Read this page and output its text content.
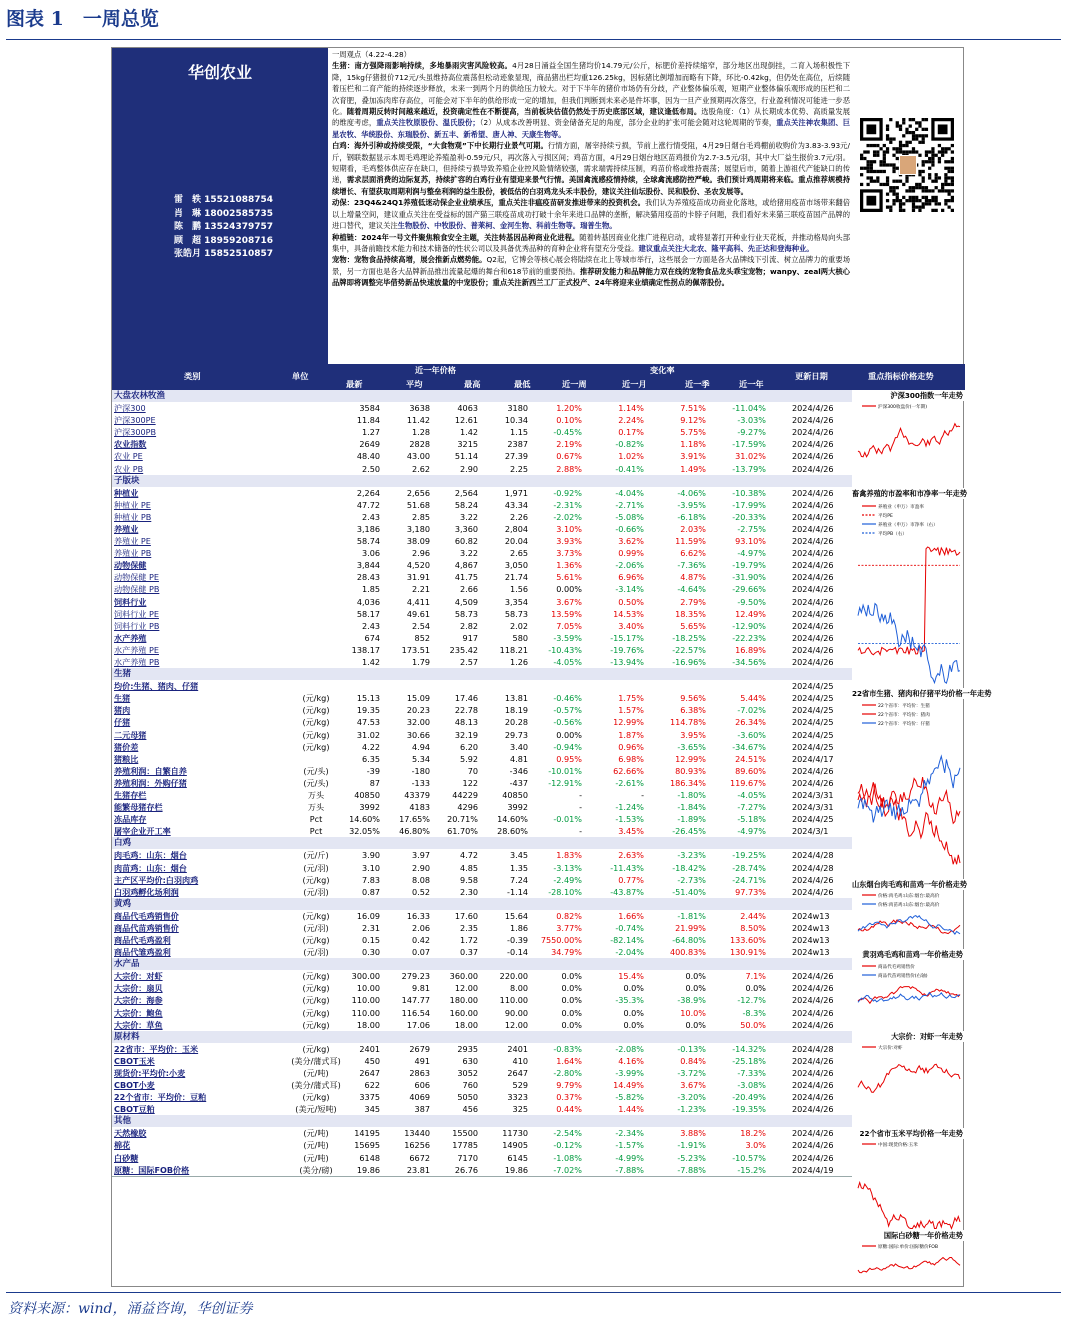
图表 1　一周总览
华创农业
雷　轶 15521088754
肖　琳 18002585735
陈　鹏 13524379757
顾　超 18959208716
张皓月 15852510857
一周观点（4.22-4.28）
生猪：南方强降雨影响持续，多地暴雨灾害风险较高。4月28日涌益全国生猪均价14.79元/公斤，标肥价差持续缩窄，部分地区出现倒挂，二育入场积极性下降，15kg仔猪报价712元/头虽维持高位震荡但松动迹象显现，商品猪出栏均重126.25kg，因标猪比例增加而略有下降，环比-0.42kg，但仍处在高位，后续随着压栏和二育产能的持续逐步释放，未来一到两个月的供给压力较大。对于下半年的猪价市场仍有分歧，产业整体偏乐观，短期产业整体偏乐观形成的压栏和二次育肥，叠加冻肉库存高位，可能会对下半年的供给形成一定的增加，但我们判断到未来必是件坏事，因为一旦产业预期再次落空，行业盈利情况可能进一步恶化。随着周期反转时间越来越近，投资确定性在不断提高，当前板块估值仍然处于历史底部区域，建议逢低布局。选股角度：（1）从长期成本优势、高质量发展的维度考虑，重点关注牧原股份、温氏股份；（2）从成本改善明显、资金储备充足的角度，部分企业的扩张可能会随对这轮周期的节奏，重点关注神农集团、巨星农牧、华统股份、东瑞股份、新五丰、新希望、唐人神、天康生物等。
白鸡：海外引种或持续受限，“大食物观”下中长期行业景气可期。行情方面，屠宰持续亏损，节前上涨行情受阻，4月29日烟台毛鸡棚前收购价为3.83-3.93元/斤，钢联数据显示本周毛鸡理论养殖盈利-0.59元/只，再次落入亏损区间；鸡苗方面，4月29日烟台地区苗鸡报价为2.7-3.5元/羽，其中大厂益生报价3.7元/羽。短期看，毛鸡整体供应存在缺口，但持续亏损导致养殖企业控风险情绪较强，需求端需持续压制，鸡苗价格或维持震荡；展望后市，随着上游祖代产能缺口的传递，需求层面消费的边际复苏，持续扩容的白鸡行业有望迎来景气行情。美国禽流感疫情持续，全球禽流感防控严峻。我们预计鸡周期将来临。重点推荐规模持续增长、有望获取周期利润与整垒利润的益生股份，被低估的白羽鸡龙头禾丰股份，建议关注仙坛股份、民和股份、圣农发展等。
动保：23Q4&24Q1养殖低迷动保企业业绩承压，重点关注非瘟疫苗研发推进带来的投资机会。我们认为养殖疫苗成功商业化落地，或给猪用疫苗市场带来翻倍以上增量空间，建议重点关注在受益标的国产猫三联疫苗成功打破十余年来进口品牌的垄断，解决猫用疫苗的卡脖子问题，我们看好未来猫三联疫苗国产品牌的进口替代，建议关注生物股份、中牧股份、普莱柯、金河生物、科前生物等。瑞普生物。
种植链：2024年一号文件聚焦粮食安全主题，关注转基因品种商业化进程。随着转基因商业化推广进程启动，或将显著打开种业行业天花板，并推动格局向头部集中，具备前瞻技术能力和技术储备的性状公司以及具备优秀品种的育种企业将有望充分受益。建议重点关注大北农、隆平高科、先正达和登海种业。
宠物：宠物食品持续高增，展会推新点燃势能。Q2起，它博会等核心展会将陆续在北上等城市举行，这些展会一方面是各大品牌线下引流、树立品牌力的重要场景，另一方面也是各大品牌新品推出流量起爆的舞台和618节前的重要预热。推荐研发能力和品牌能力双在线的宠物食品龙头乖宝宠物；wanpy、zeal两大核心品牌即将调整完毕借势新品快速放量的中宠股份；重点关注新西兰工厂正式投产、24年将迎来业绩确定性拐点的佩蒂股份。
类别	单位
近一年价格	变化率
更新日期	重点指标价格走势
最新	平均	最高	最低	近一周	近一月	近一季	近一年
大盘农林牧渔
沪深300	3584	3638	4063	3180	1.20%	1.14%	7.51%	-11.04%	2024/4/26
沪深300PE	11.84	11.42	12.61	10.34	0.10%	2.24%	9.12%	-3.03%	2024/4/26
沪深300PB	1.27	1.28	1.42	1.15	-0.45%	0.17%	5.75%	-9.27%	2024/4/26
农业指数	2649	2828	3215	2387	2.19%	-0.82%	1.18%	-17.59%	2024/4/26
农业 PE	48.40	43.00	51.14	27.39	0.67%	1.02%	3.91%	31.02%	2024/4/26
农业 PB	2.50	2.62	2.90	2.25	2.88%	-0.41%	1.49%	-13.79%	2024/4/26
子版块
种植业	2,264	2,656	2,564	1,971	-0.92%	-4.04%	-4.06%	-10.38%	2024/4/26
种植业 PE	47.72	51.68	58.24	43.34	-2.31%	-2.71%	-3.95%	-17.99%	2024/4/26
种植业 PB	2.43	2.85	3.22	2.26	-2.02%	-5.08%	-6.18%	-20.33%	2024/4/26
养殖业	3,186	3,180	3,360	2,804	3.10%	-0.66%	2.03%	-2.75%	2024/4/26
养殖业 PE	58.74	38.09	60.82	20.04	3.93%	3.62%	11.59%	93.10%	2024/4/26
养殖业 PB	3.06	2.96	3.22	2.65	3.73%	0.99%	6.62%	-4.97%	2024/4/26
动物保健	3,844	4,520	4,867	3,050	1.36%	-2.06%	-7.36%	-19.79%	2024/4/26
动物保健 PE	28.43	31.91	41.75	21.74	5.61%	6.96%	4.87%	-31.90%	2024/4/26
动物保健 PB	1.85	2.21	2.66	1.56	0.00%	-3.14%	-4.64%	-29.66%	2024/4/26
饲料行业	4,036	4,411	4,509	3,354	3.67%	0.50%	2.79%	-9.50%	2024/4/26
饲料行业 PE	58.17	49.61	58.73	58.73	13.59%	14.53%	18.35%	12.49%	2024/4/26
饲料行业 PB	2.43	2.54	2.82	2.02	7.05%	3.40%	5.65%	-12.90%	2024/4/26
水产养殖	674	852	917	580	-3.59%	-15.17%	-18.25%	-22.23%	2024/4/26
水产养殖 PE	138.17	173.51	235.42	118.21	-10.43%	-19.76%	-22.57%	16.89%	2024/4/26
水产养殖 PB	1.42	1.79	2.57	1.26	-4.05%	-13.94%	-16.96%	-34.56%	2024/4/26
生猪
均价:生猪、猪肉、仔猪	2024/4/25
生猪	(元/kg)	15.13	15.09	17.46	13.81	-0.46%	1.75%	9.56%	5.44%	2024/4/25
猪肉	(元/kg)	19.35	20.23	22.78	18.19	-0.57%	1.57%	6.38%	-7.02%	2024/4/25
仔猪	(元/kg)	47.53	32.00	48.13	20.28	-0.56%	12.99%	114.78%	26.34%	2024/4/25
二元母猪	(元/kg)	31.02	30.66	32.19	29.73	0.00%	1.87%	3.95%	-3.60%	2024/4/25
猪价差	(元/kg)	4.22	4.94	6.20	3.40	-0.94%	0.96%	-3.65%	-34.67%	2024/4/25
猪粮比	6.35	5.34	5.92	4.81	0.95%	6.98%	12.99%	24.51%	2024/4/17
养殖利润：自繁自养	(元/头)	-39	-180	70	-346	-10.01%	62.66%	80.93%	89.60%	2024/4/26
养殖利润：外购仔猪	(元/头)	87	-133	122	-437	-12.91%	-2.61%	186.34%	119.67%	2024/4/26
生猪存栏	万头	40850	43379	44229	40850	-	-	-1.80%	-4.05%	2024/3/31
能繁母猪存栏	万头	3992	4183	4296	3992	-	-1.24%	-1.84%	-7.27%	2024/3/31
冻品库存	Pct	14.60%	17.65%	20.71%	14.60%	-0.01%	-1.53%	-1.89%	-5.18%	2024/4/25
屠宰企业开工率	Pct	32.05%	46.80%	61.70%	28.60%	-	3.45%	-26.45%	-4.97%	2024/3/1
白鸡
肉毛鸡：山东：烟台	(元/斤)	3.90	3.97	4.72	3.45	1.83%	2.63%	-3.23%	-19.25%	2024/4/28
肉苗鸡：山东：烟台	(元/羽)	3.10	2.90	4.85	1.35	-3.13%	-11.43%	-18.42%	-28.74%	2024/4/28
主产区平均价:白羽肉鸡	(元/kg)	7.83	8.08	9.58	7.24	-2.49%	0.77%	-2.73%	-24.71%	2024/4/26
白羽鸡孵化场利润	(元/羽)	0.87	0.52	2.30	-1.14	-28.10%	-43.87%	-51.40%	97.73%	2024/4/26
黄鸡
商品代毛鸡销售价	(元/kg)	16.09	16.33	17.60	15.64	0.82%	1.66%	-1.81%	2.44%	2024w13
商品代苗鸡销售价	(元/羽)	2.31	2.06	2.35	1.86	3.77%	-0.74%	21.99%	8.50%	2024w13
商品代毛鸡盈利	(元/kg)	0.15	0.42	1.72	-0.39	7550.00%	-82.14%	-64.80%	133.60%	2024w13
商品代雏鸡盈利	(元/羽)	0.30	0.07	0.37	-0.14	34.79%	-2.04%	400.83%	130.91%	2024w13
水产品
大宗价：对虾	(元/kg)	300.00	279.23	360.00	220.00	0.0%	15.4%	0.0%	7.1%	2024/4/26
大宗价：扇贝	(元/kg)	10.00	9.81	12.00	8.00	0.0%	0.0%	0.0%	0.0%	2024/4/26
大宗价：海参	(元/kg)	110.00	147.77	180.00	110.00	0.0%	-35.3%	-38.9%	-12.7%	2024/4/26
大宗价：鲍鱼	(元/kg)	110.00	116.54	160.00	90.00	0.0%	0.0%	10.0%	-8.3%	2024/4/26
大宗价：草鱼	(元/kg)	18.00	17.06	18.00	12.00	0.0%	0.0%	0.0%	50.0%	2024/4/26
原材料
22省市：平均价：玉米	(元/kg)	2401	2679	2935	2401	-0.83%	-2.08%	-0.13%	-14.32%	2024/4/28
CBOT玉米	(美分/蒲式耳)	450	491	630	410	1.64%	4.16%	0.84%	-25.18%	2024/4/26
现货价:平均价:小麦	(元/吨)	2647	2863	3052	2647	-2.80%	-3.99%	-3.72%	-7.33%	2024/4/26
CBOT小麦	(美分/蒲式耳)	622	606	760	529	9.79%	14.49%	3.67%	-3.08%	2024/4/26
22个省市：平均价：豆粕	(元/kg)	3375	4069	5050	3323	0.37%	-5.82%	-3.20%	-20.49%	2024/4/26
CBOT豆粕	(美元/短吨)	345	387	456	325	0.44%	1.44%	-1.23%	-19.35%	2024/4/26
其他
天然橡胶	(元/吨)	14195	13440	15500	11730	-2.54%	-2.34%	3.88%	18.2%	2024/4/26
棉花	(元/吨)	15695	16256	17785	14905	-0.12%	-1.57%	-1.91%	3.0%	2024/4/26
白砂糖	(元/吨)	6148	6672	7170	6145	-1.08%	-4.99%	-5.23%	-10.57%	2024/4/26
原糖：国际FOB价格	(美分/磅)	19.86	23.81	26.76	19.86	-7.02%	-7.88%	-7.88%	-15.2%	2024/4/19
沪深300指数一年走势
沪深300收盘价(一年期)
畜禽养殖的市盈率和市净率一年走势
养殖业（申万）市盈率
平均PE
养殖业（申万）市净率（右）
平均PB（右）
22省市生猪、猪肉和仔猪平均价格一年走势
22个省市：平均价：生猪
22个省市：平均价：猪肉
22个省市：平均价：仔猪
山东烟台肉毛鸡和苗鸡一年价格走势
价格:肉毛鸡:山东:烟台:最高价
价格:肉苗鸡:山东:烟台:最高价
黄羽鸡毛鸡和苗鸡一年价格走势
商品代毛鸡销售价
商品代苗鸡销售价(右轴)
大宗价：对虾一年走势
大宗价:对虾
22个省市玉米平均价格一年走势
中国:现货价格:玉米
国际白砂糖一年价格走势
原糖:国际:单价:国际糖价FOB
资料来源：wind，涌益咨询，华创证券
